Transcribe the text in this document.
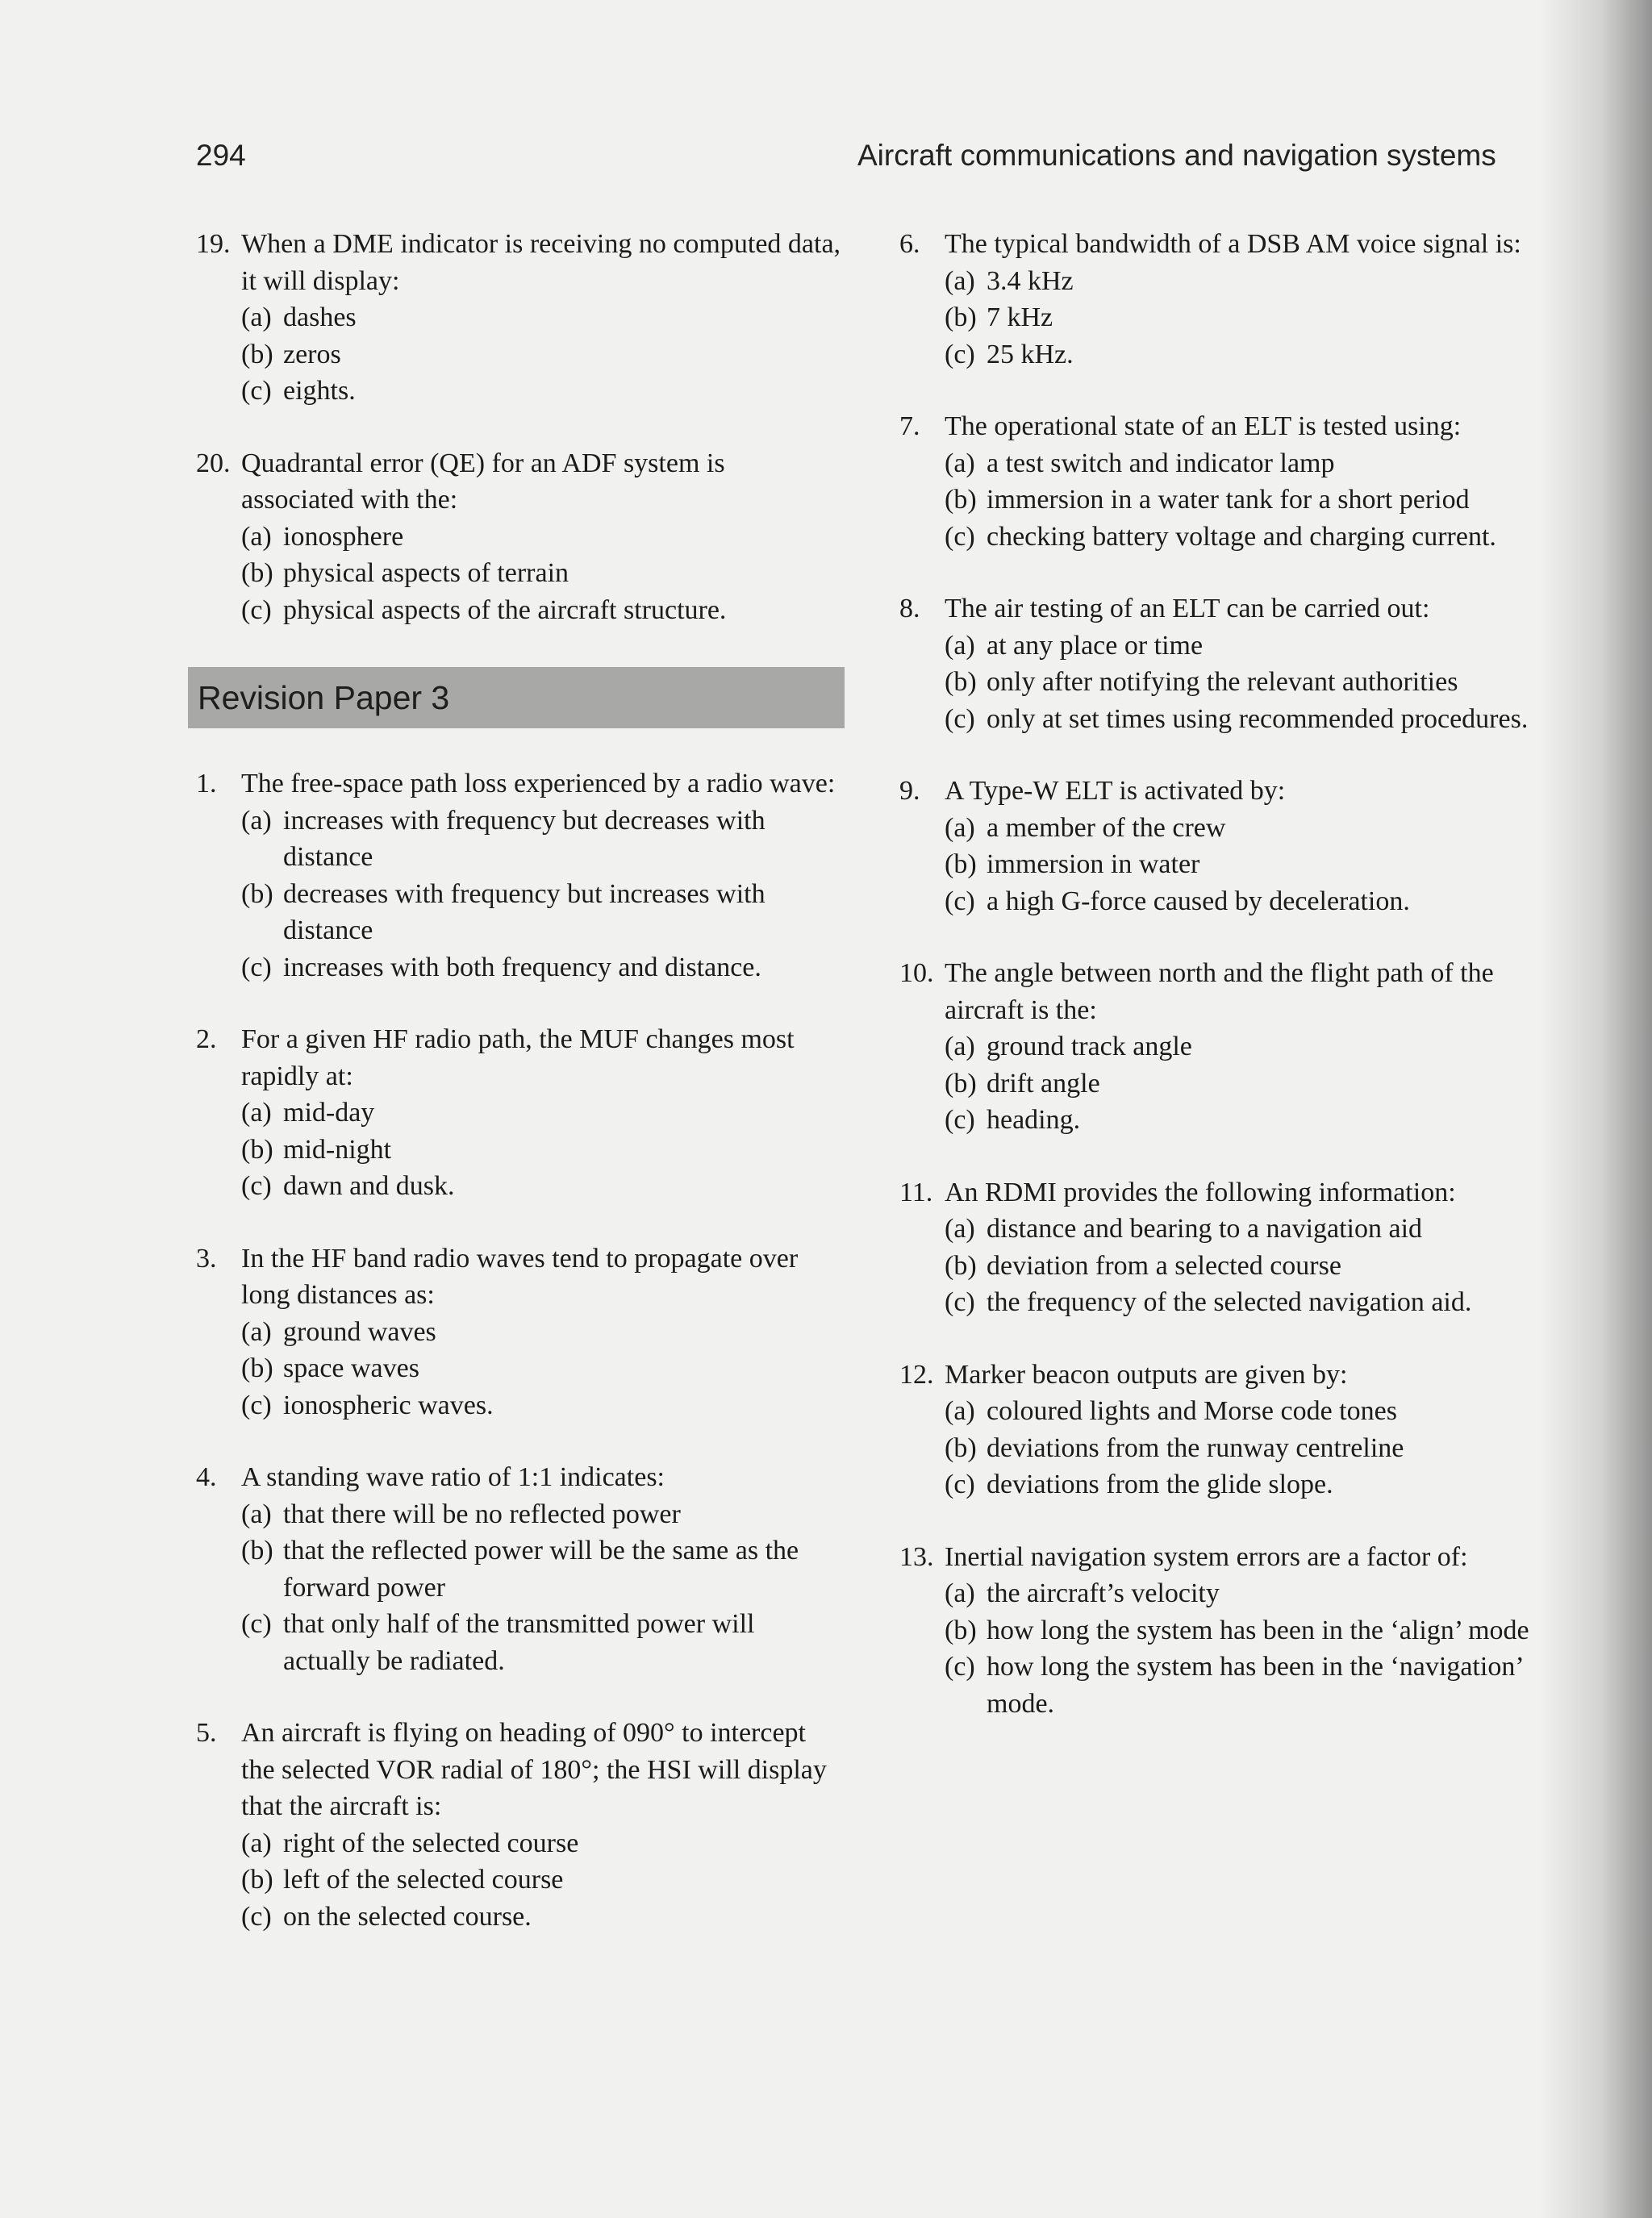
294	Aircraft communications and navigation systems
19. When a DME indicator is receiving no computed data, it will display:
(a) dashes
(b) zeros
(c) eights.
20. Quadrantal error (QE) for an ADF system is associated with the:
(a) ionosphere
(b) physical aspects of terrain
(c) physical aspects of the aircraft structure.
Revision Paper 3
1. The free-space path loss experienced by a radio wave:
(a) increases with frequency but decreases with distance
(b) decreases with frequency but increases with distance
(c) increases with both frequency and distance.
2. For a given HF radio path, the MUF changes most rapidly at:
(a) mid-day
(b) mid-night
(c) dawn and dusk.
3. In the HF band radio waves tend to propagate over long distances as:
(a) ground waves
(b) space waves
(c) ionospheric waves.
4. A standing wave ratio of 1:1 indicates:
(a) that there will be no reflected power
(b) that the reflected power will be the same as the forward power
(c) that only half of the transmitted power will actually be radiated.
5. An aircraft is flying on heading of 090° to intercept the selected VOR radial of 180°; the HSI will display that the aircraft is:
(a) right of the selected course
(b) left of the selected course
(c) on the selected course.
6. The typical bandwidth of a DSB AM voice signal is:
(a) 3.4 kHz
(b) 7 kHz
(c) 25 kHz.
7. The operational state of an ELT is tested using:
(a) a test switch and indicator lamp
(b) immersion in a water tank for a short period
(c) checking battery voltage and charging current.
8. The air testing of an ELT can be carried out:
(a) at any place or time
(b) only after notifying the relevant authorities
(c) only at set times using recommended procedures.
9. A Type-W ELT is activated by:
(a) a member of the crew
(b) immersion in water
(c) a high G-force caused by deceleration.
10. The angle between north and the flight path of the aircraft is the:
(a) ground track angle
(b) drift angle
(c) heading.
11. An RDMI provides the following information:
(a) distance and bearing to a navigation aid
(b) deviation from a selected course
(c) the frequency of the selected navigation aid.
12. Marker beacon outputs are given by:
(a) coloured lights and Morse code tones
(b) deviations from the runway centreline
(c) deviations from the glide slope.
13. Inertial navigation system errors are a factor of:
(a) the aircraft’s velocity
(b) how long the system has been in the ‘align’ mode
(c) how long the system has been in the ‘navigation’ mode.
